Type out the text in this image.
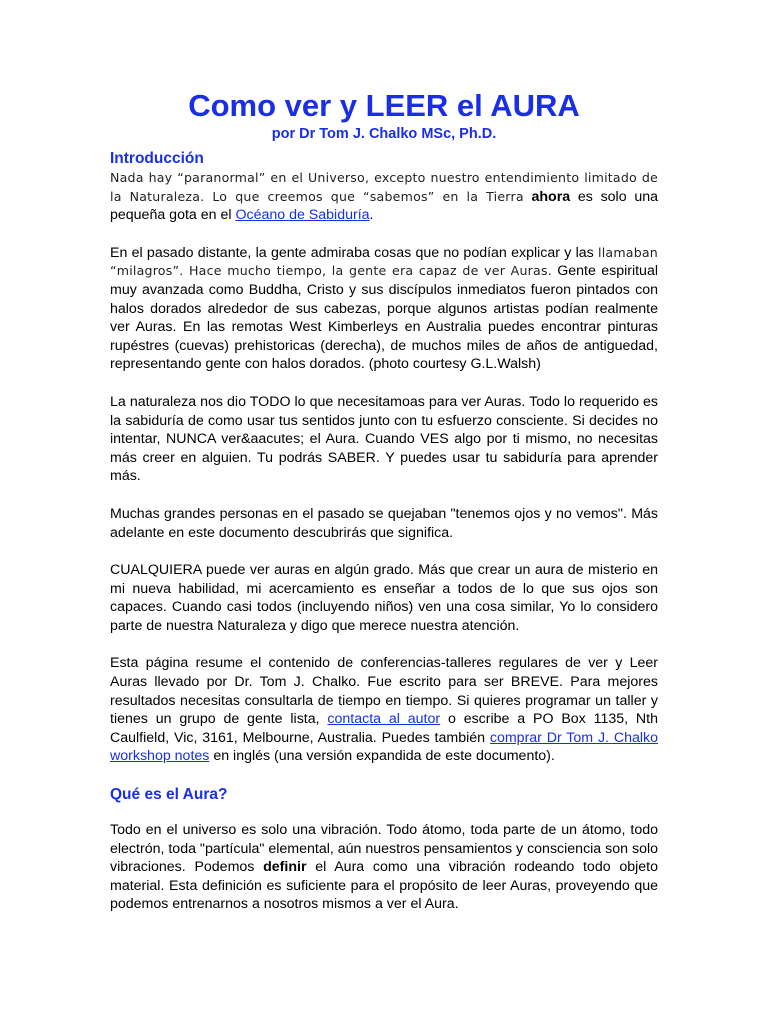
Como ver y LEER el AURA
por Dr Tom J. Chalko MSc, Ph.D.
Introducción

Nada hay “paranormal” en el Universo, excepto nuestro entendimiento limitado de la Naturaleza. Lo que creemos que “sabemos” en la Tierra ahora es solo una pequeña gota en el Océano de Sabiduría.

En el pasado distante, la gente admiraba cosas que no podían explicar y las llamaban “milagros”. Hace mucho tiempo, la gente era capaz de ver Auras. Gente espiritual muy avanzada como Buddha, Cristo y sus discípulos inmediatos fueron pintados con halos dorados alrededor de sus cabezas, porque algunos artistas podían realmente ver Auras. En las remotas West Kimberleys en Australia puedes encontrar pinturas rupéstres (cuevas) prehistoricas (derecha), de muchos miles de años de antiguedad, representando gente con halos dorados. (photo courtesy G.L.Walsh)

La naturaleza nos dio TODO lo que necesitamoas para ver Auras. Todo lo requerido es la sabiduría de como usar tus sentidos junto con tu esfuerzo consciente. Si decides no intentar, NUNCA ver&aacutes; el Aura. Cuando VES algo por ti mismo, no necesitas más creer en alguien. Tu podrás SABER. Y puedes usar tu sabiduría para aprender más.

Muchas grandes personas en el pasado se quejaban "tenemos ojos y no vemos". Más adelante en este documento descubrirás que significa.

CUALQUIERA puede ver auras en algún grado. Más que crear un aura de misterio en mi nueva habilidad, mi acercamiento es enseñar a todos de lo que sus ojos son capaces. Cuando casi todos (incluyendo niños) ven una cosa similar, Yo lo considero parte de nuestra Naturaleza y digo que merece nuestra atención.

Esta página resume el contenido de conferencias-talleres regulares de ver y Leer Auras llevado por Dr. Tom J. Chalko. Fue escrito para ser BREVE. Para mejores resultados necesitas consultarla de tiempo en tiempo. Si quieres programar un taller y tienes un grupo de gente lista, contacta al autor o escribe a PO Box 1135, Nth Caulfield, Vic, 3161, Melbourne, Australia. Puedes también comprar Dr Tom J. Chalko workshop notes en inglés (una versión expandida de este documento).

Qué es el Aura?

Todo en el universo es solo una vibración. Todo átomo, toda parte de un átomo, todo electrón, toda "partícula" elemental, aún nuestros pensamientos y consciencia son solo vibraciones. Podemos definir el Aura como una vibración rodeando todo objeto material. Esta definición es suficiente para el propósito de leer Auras, proveyendo que podemos entrenarnos a nosotros mismos a ver el Aura.
